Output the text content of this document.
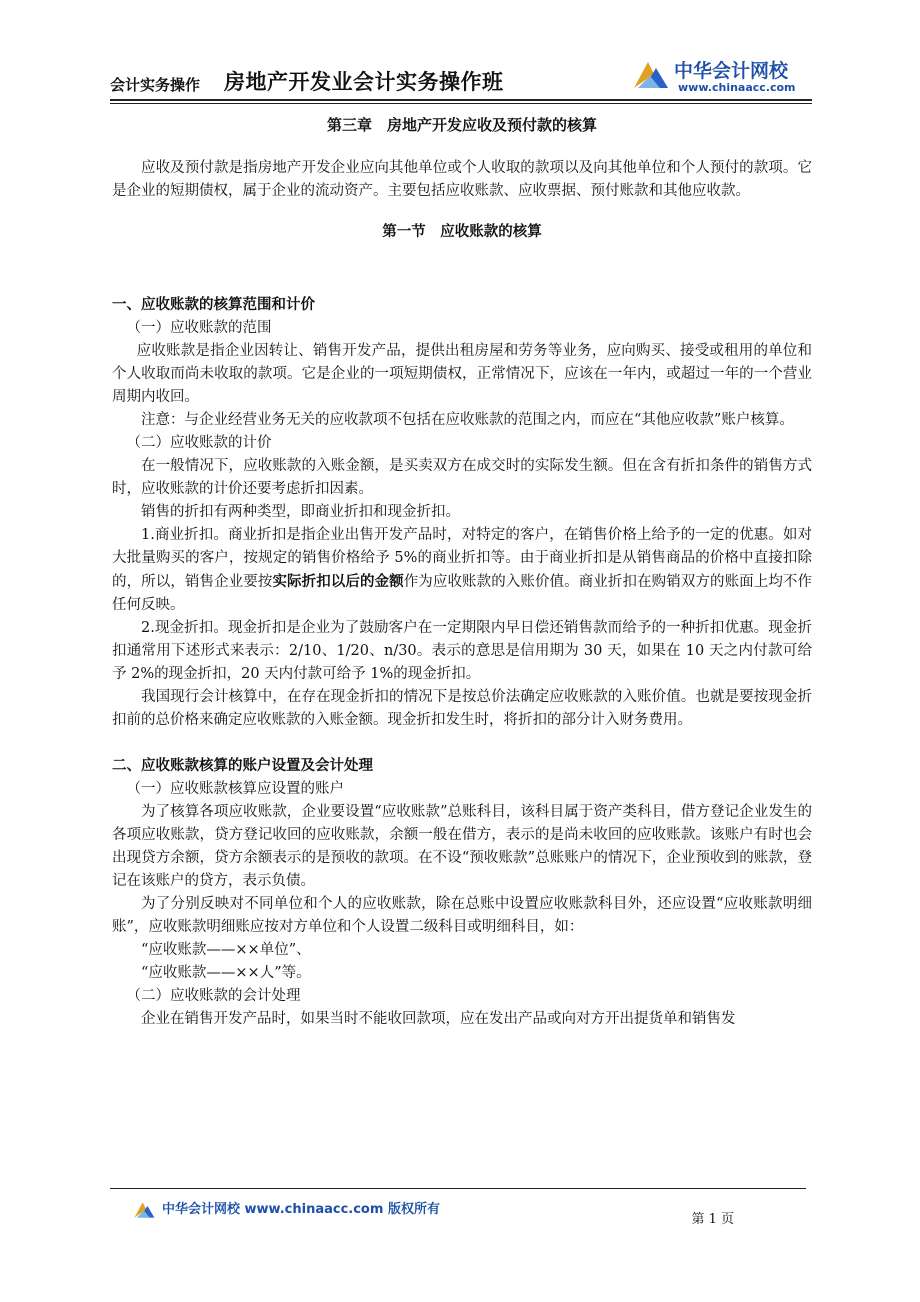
会计实务操作 房地产开发业会计实务操作班	中华会计网校
www.chinaacc.com
第三章　房地产开发应收及预付款的核算

应收及预付款是指房地产开发企业应向其他单位或个人收取的款项以及向其他单位和个人预付的款项。它是企业的短期债权，属于企业的流动资产。主要包括应收账款、应收票据、预付账款和其他应收款。

第一节　应收账款的核算

一、应收账款的核算范围和计价

（一）应收账款的范围

应收账款是指企业因转让、销售开发产品，提供出租房屋和劳务等业务，应向购买、接受或租用的单位和个人收取而尚未收取的款项。它是企业的一项短期债权，正常情况下，应该在一年内，或超过一年的一个营业周期内收回。

注意：与企业经营业务无关的应收款项不包括在应收账款的范围之内，而应在“其他应收款”账户核算。

（二）应收账款的计价

在一般情况下，应收账款的入账金额，是买卖双方在成交时的实际发生额。但在含有折扣条件的销售方式时，应收账款的计价还要考虑折扣因素。

销售的折扣有两种类型，即商业折扣和现金折扣。

1.商业折扣。商业折扣是指企业出售开发产品时，对特定的客户，在销售价格上给予的一定的优惠。如对大批量购买的客户，按规定的销售价格给予 5%的商业折扣等。由于商业折扣是从销售商品的价格中直接扣除的，所以，销售企业要按实际折扣以后的金额作为应收账款的入账价值。商业折扣在购销双方的账面上均不作任何反映。

2.现金折扣。现金折扣是企业为了鼓励客户在一定期限内早日偿还销售款而给予的一种折扣优惠。现金折扣通常用下述形式来表示：2/10、1/20、n/30。表示的意思是信用期为 30 天，如果在 10 天之内付款可给予 2%的现金折扣，20 天内付款可给予 1%的现金折扣。

我国现行会计核算中，在存在现金折扣的情况下是按总价法确定应收账款的入账价值。也就是要按现金折扣前的总价格来确定应收账款的入账金额。现金折扣发生时，将折扣的部分计入财务费用。

二、应收账款核算的账户设置及会计处理

（一）应收账款核算应设置的账户

为了核算各项应收账款，企业要设置“应收账款”总账科目，该科目属于资产类科目，借方登记企业发生的各项应收账款，贷方登记收回的应收账款，余额一般在借方，表示的是尚未收回的应收账款。该账户有时也会出现贷方余额，贷方余额表示的是预收的款项。在不设“预收账款”总账账户的情况下，企业预收到的账款，登记在该账户的贷方，表示负债。

为了分别反映对不同单位和个人的应收账款，除在总账中设置应收账款科目外，还应设置“应收账款明细账”，应收账款明细账应按对方单位和个人设置二级科目或明细科目，如：

“应收账款——××单位”、

“应收账款——××人”等。

（二）应收账款的会计处理

企业在销售开发产品时，如果当时不能收回款项，应在发出产品或向对方开出提货单和销售发

中华会计网校 www.chinaacc.com 版权所有
第 1 页
